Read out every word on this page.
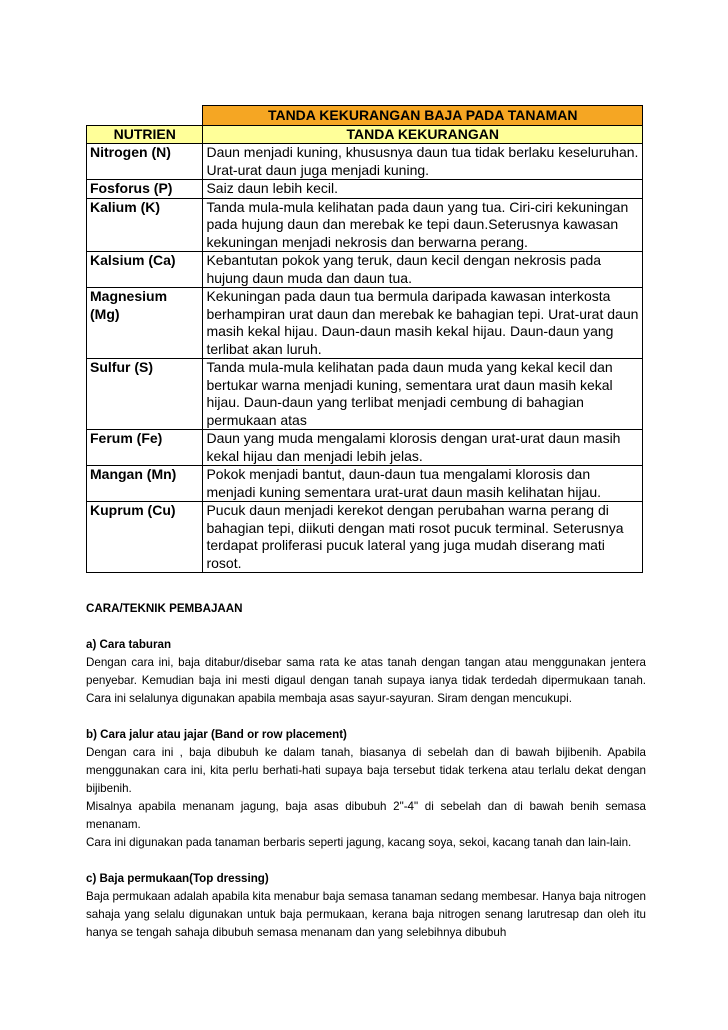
	TANDA KEKURANGAN BAJA PADA TANAMAN
NUTRIEN	TANDA KEKURANGAN
Nitrogen (N)	Daun menjadi kuning, khususnya daun tua tidak berlaku keseluruhan. Urat-urat daun juga menjadi kuning.
Fosforus (P)	Saiz daun lebih kecil.
Kalium (K)	Tanda mula-mula kelihatan pada daun yang tua. Ciri-ciri kekuningan pada hujung daun dan merebak ke tepi daun.Seterusnya kawasan kekuningan menjadi nekrosis dan berwarna perang.
Kalsium (Ca)	Kebantutan pokok yang teruk, daun kecil dengan nekrosis pada hujung daun muda dan daun tua.
Magnesium (Mg)	Kekuningan pada daun tua bermula daripada kawasan interkosta berhampiran urat daun dan merebak ke bahagian tepi. Urat-urat daun masih kekal hijau. Daun-daun masih kekal hijau. Daun-daun yang terlibat akan luruh.
Sulfur (S)	Tanda mula-mula kelihatan pada daun muda yang kekal kecil dan bertukar warna menjadi kuning, sementara urat daun masih kekal hijau. Daun-daun yang terlibat menjadi cembung di bahagian permukaan atas
Ferum (Fe)	Daun yang muda mengalami klorosis dengan urat-urat daun masih kekal hijau dan menjadi lebih jelas.
Mangan (Mn)	Pokok menjadi bantut, daun-daun tua mengalami klorosis dan menjadi kuning sementara urat-urat daun masih kelihatan hijau.
Kuprum (Cu)	Pucuk daun menjadi kerekot dengan perubahan warna perang di bahagian tepi, diikuti dengan mati rosot pucuk terminal. Seterusnya terdapat proliferasi pucuk lateral yang juga mudah diserang mati rosot.
CARA/TEKNIK PEMBAJAAN
a) Cara taburan

Dengan cara ini, baja ditabur/disebar sama rata ke atas tanah dengan tangan atau menggunakan jentera penyebar. Kemudian baja ini mesti digaul dengan tanah supaya ianya tidak terdedah dipermukaan tanah. Cara ini selalunya digunakan apabila membaja asas sayur-sayuran. Siram dengan mencukupi.

b) Cara jalur atau jajar (Band or row placement)

Dengan cara ini , baja dibubuh ke dalam tanah, biasanya di sebelah dan di bawah bijibenih. Apabila menggunakan cara ini, kita perlu berhati-hati supaya baja tersebut tidak terkena atau terlalu dekat dengan bijibenih.

Misalnya apabila menanam jagung, baja asas dibubuh 2"-4" di sebelah dan di bawah benih semasa menanam.

Cara ini digunakan pada tanaman berbaris seperti jagung, kacang soya, sekoi, kacang tanah dan lain-lain.

c) Baja permukaan(Top dressing)

Baja permukaan adalah apabila kita menabur baja semasa tanaman sedang membesar. Hanya baja nitrogen sahaja yang selalu digunakan untuk baja permukaan, kerana baja nitrogen senang larutresap dan oleh itu hanya se tengah sahaja dibubuh semasa menanam dan yang selebihnya dibubuh
